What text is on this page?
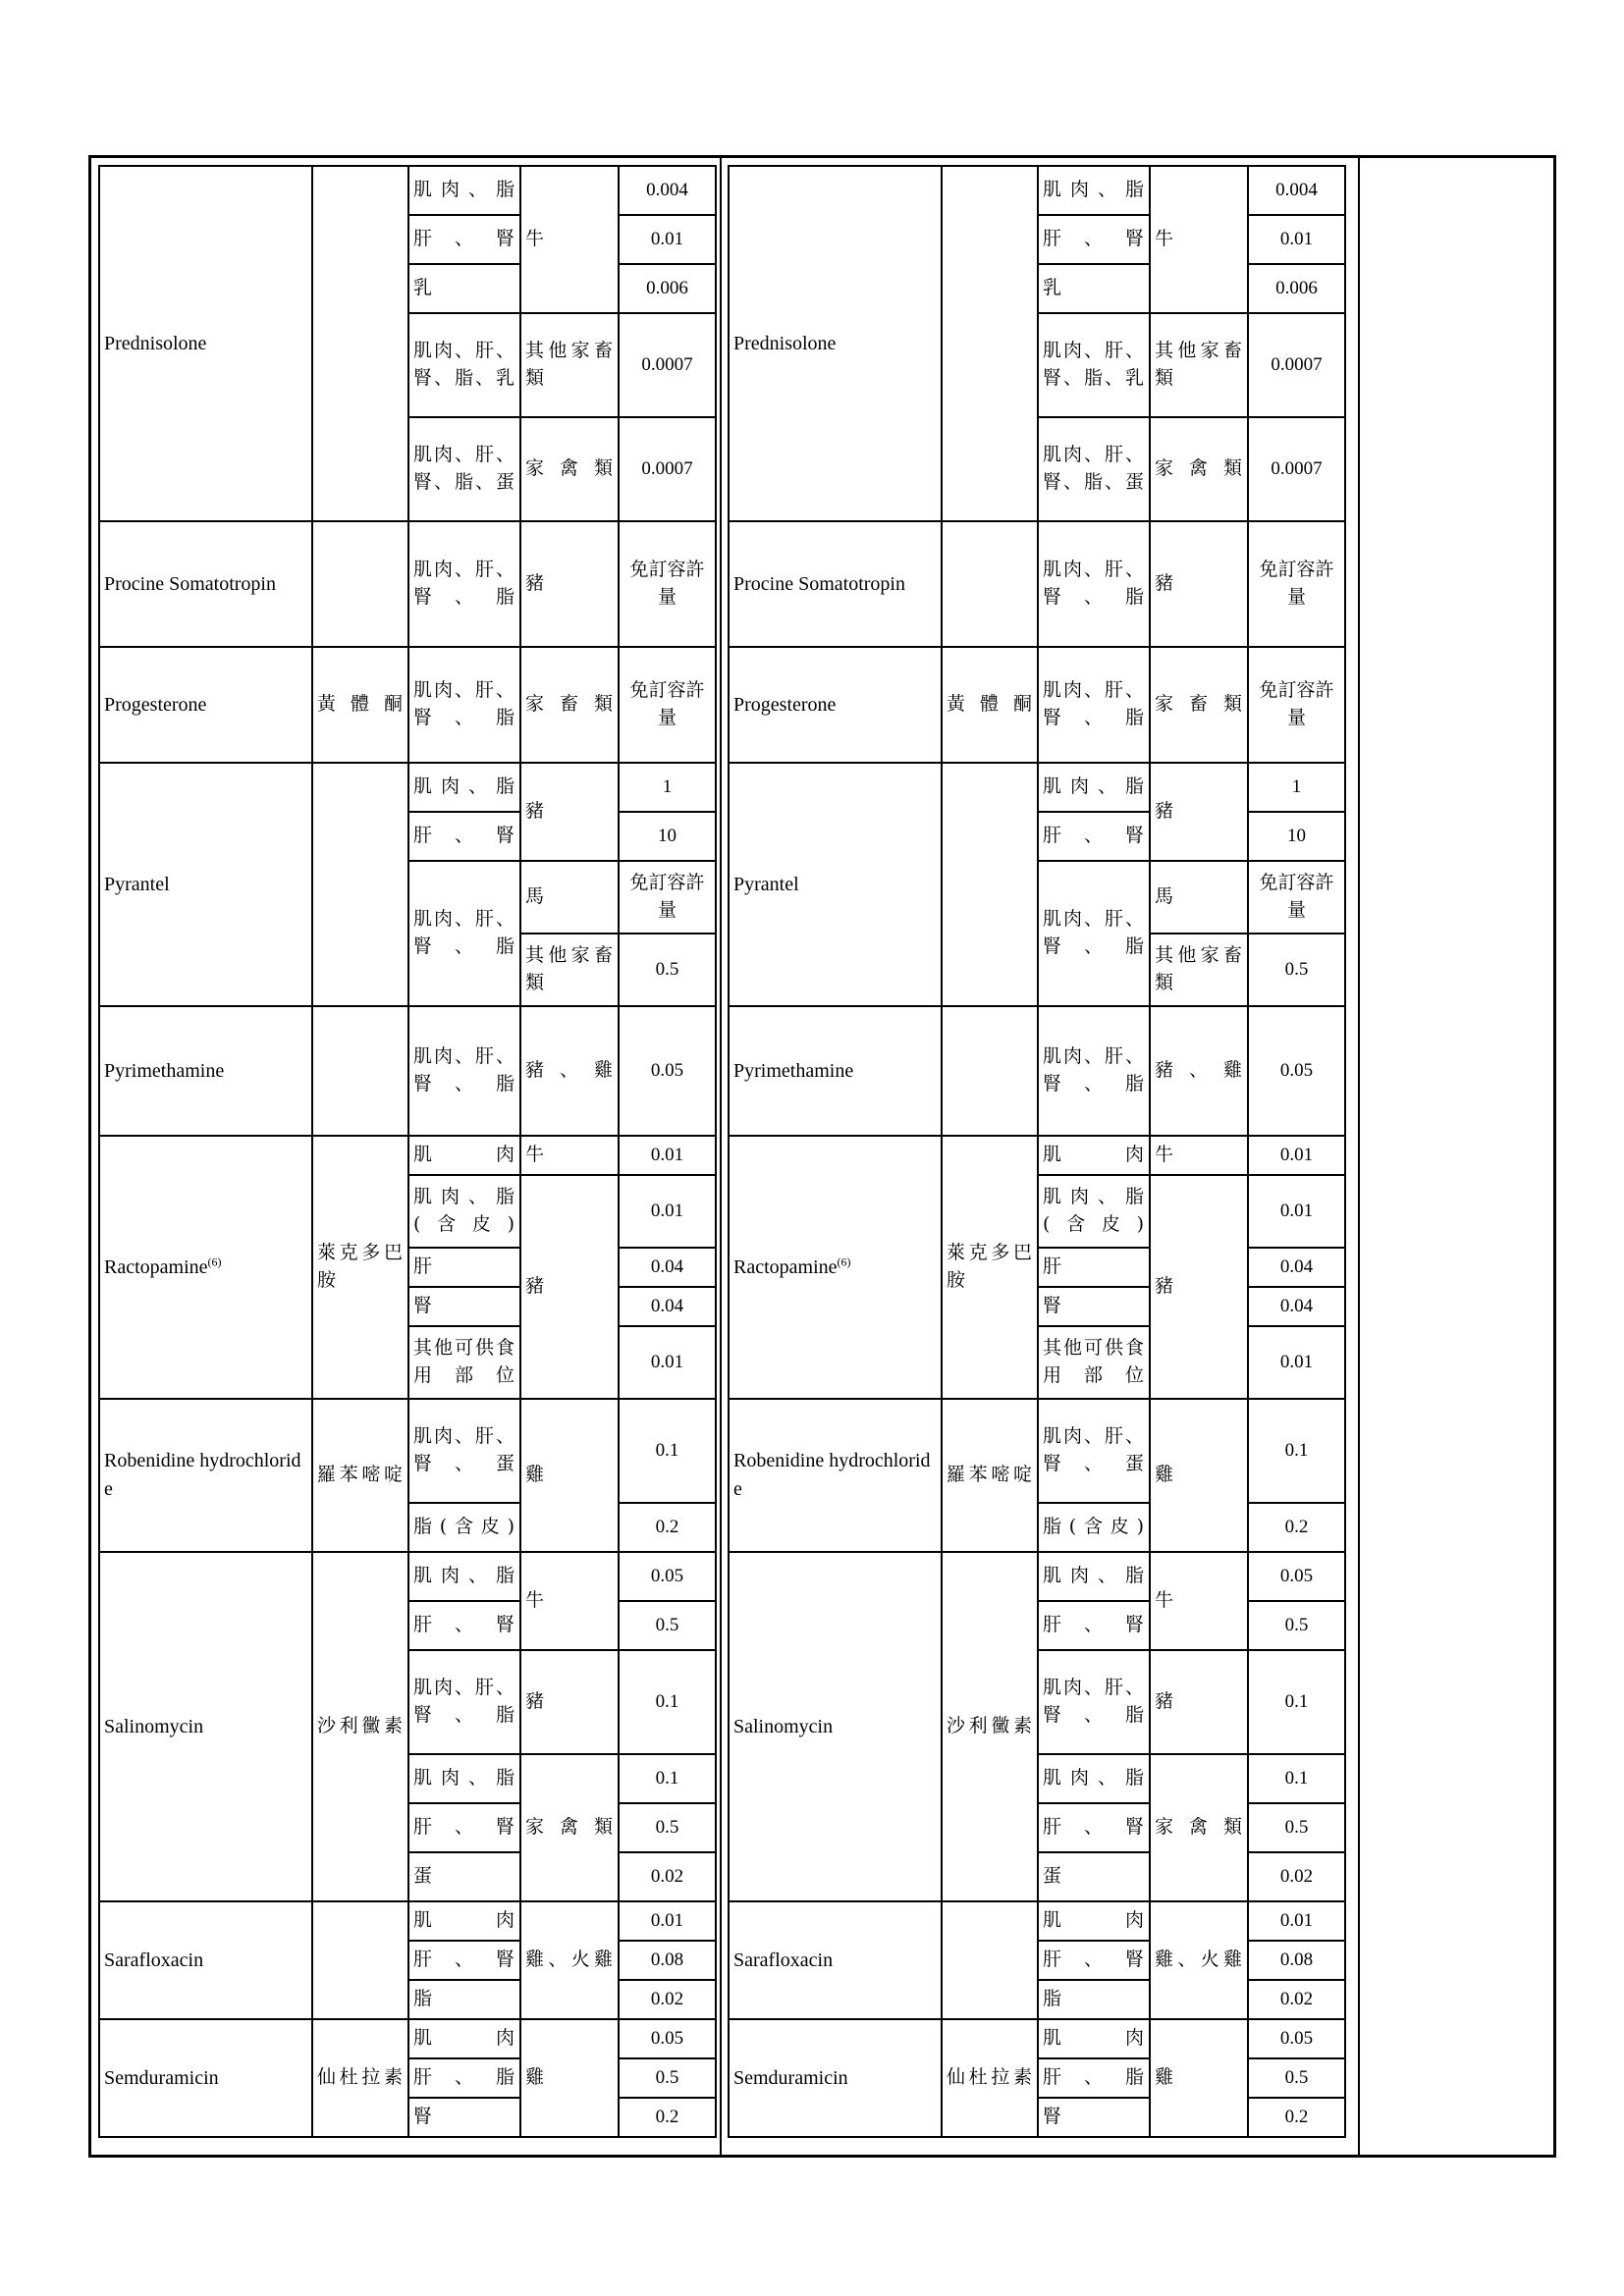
Prednisolone		肌肉、脂	牛	0.004
		肝、腎		0.01
		乳		0.006
		肌肉、肝、腎、脂、乳	其他家畜類	0.0007
		肌肉、肝、腎、脂、蛋	家禽類	0.0007
Procine Somatotropin		肌肉、肝、腎、脂	豬	免訂容許量
Progesterone	黃體酮	肌肉、肝、腎、脂	家畜類	免訂容許量
Pyrantel		肌肉、脂	豬	1
		肝、腎		10
		肌肉、肝、腎、脂	馬	免訂容許量
			其他家畜類	0.5
Pyrimethamine		肌肉、肝、腎、脂	豬、雞	0.05
Ractopamine$^{(6)}$	萊克多巴胺	肌肉	牛	0.01
		肌肉、脂(含皮)	豬	0.01
		肝		0.04
		腎		0.04
		其他可供食用部位		0.01
Robenidine hydrochloride	羅苯嘧啶	肌肉、肝、腎、蛋	雞	0.1
		脂(含皮)		0.2
Salinomycin	沙利黴素	肌肉、脂	牛	0.05
		肝、腎		0.5
		肌肉、肝、腎、脂	豬	0.1
		肌肉、脂	家禽類	0.1
		肝、腎		0.5
		蛋		0.02
Sarafloxacin		肌肉	雞、火雞	0.01
		肝、腎		0.08
		脂		0.02
Semduramicin	仙杜拉素	肌肉	雞	0.05
		肝、脂		0.5
		腎		0.2
Prednisolone		肌肉、脂	牛	0.004
		肝、腎		0.01
		乳		0.006
		肌肉、肝、腎、脂、乳	其他家畜類	0.0007
		肌肉、肝、腎、脂、蛋	家禽類	0.0007
Procine Somatotropin		肌肉、肝、腎、脂	豬	免訂容許量
Progesterone	黃體酮	肌肉、肝、腎、脂	家畜類	免訂容許量
Pyrantel		肌肉、脂	豬	1
		肝、腎		10
		肌肉、肝、腎、脂	馬	免訂容許量
			其他家畜類	0.5
Pyrimethamine		肌肉、肝、腎、脂	豬、雞	0.05
Ractopamine$^{(6)}$	萊克多巴胺	肌肉	牛	0.01
		肌肉、脂(含皮)	豬	0.01
		肝		0.04
		腎		0.04
		其他可供食用部位		0.01
Robenidine hydrochloride	羅苯嘧啶	肌肉、肝、腎、蛋	雞	0.1
		脂(含皮)		0.2
Salinomycin	沙利黴素	肌肉、脂	牛	0.05
		肝、腎		0.5
		肌肉、肝、腎、脂	豬	0.1
		肌肉、脂	家禽類	0.1
		肝、腎		0.5
		蛋		0.02
Sarafloxacin		肌肉	雞、火雞	0.01
		肝、腎		0.08
		脂		0.02
Semduramicin	仙杜拉素	肌肉	雞	0.05
		肝、脂		0.5
		腎		0.2
